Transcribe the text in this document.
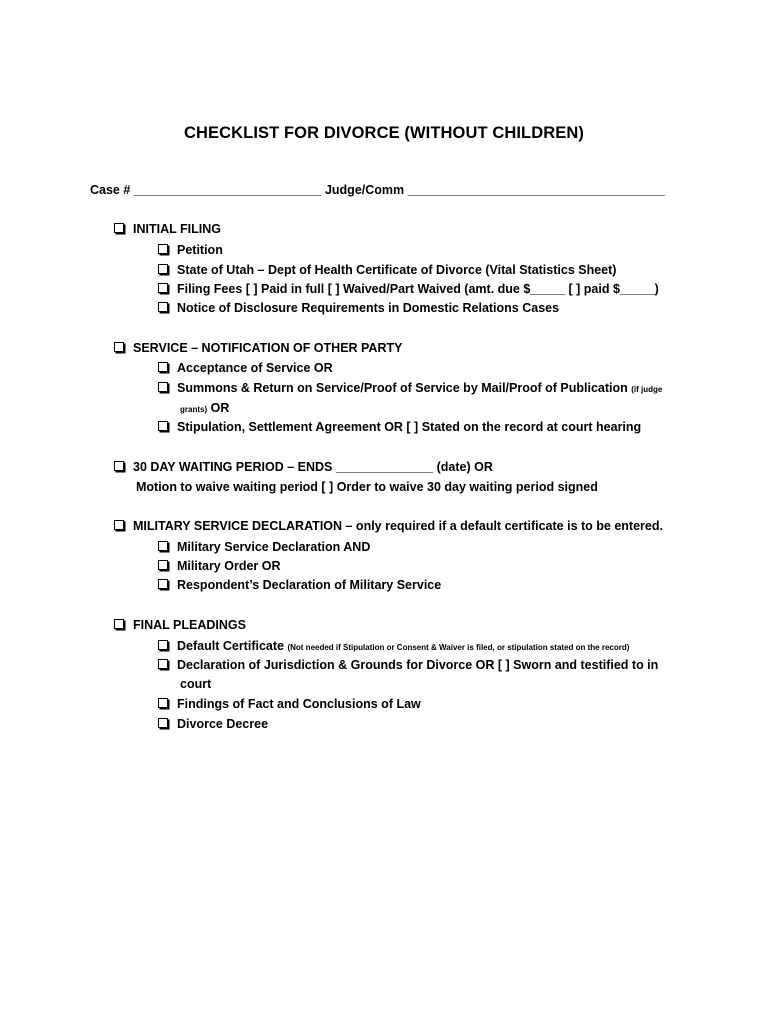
CHECKLIST FOR DIVORCE (WITHOUT CHILDREN)
Case # ___________________________ Judge/Comm _____________________________________
INITIAL FILING
Petition
State of Utah – Dept of Health Certificate of Divorce (Vital Statistics Sheet)
Filing Fees [ ] Paid in full [ ] Waived/Part Waived (amt. due $_____ [ ] paid $_____)
Notice of Disclosure Requirements in Domestic Relations Cases
SERVICE – NOTIFICATION OF OTHER PARTY
Acceptance of Service OR
Summons & Return on Service/Proof of Service by Mail/Proof of Publication (if judge
grants) OR
Stipulation, Settlement Agreement OR [ ] Stated on the record at court hearing
30 DAY WAITING PERIOD – ENDS ______________ (date) OR
Motion to waive waiting period [ ] Order to waive 30 day waiting period signed
MILITARY SERVICE DECLARATION – only required if a default certificate is to be entered.
Military Service Declaration AND
Military Order OR
Respondent’s Declaration of Military Service
FINAL PLEADINGS
Default Certificate (Not needed if Stipulation or Consent & Waiver is filed, or stipulation stated on the record)
Declaration of Jurisdiction & Grounds for Divorce OR [ ] Sworn and testified to in
court
Findings of Fact and Conclusions of Law
Divorce Decree
